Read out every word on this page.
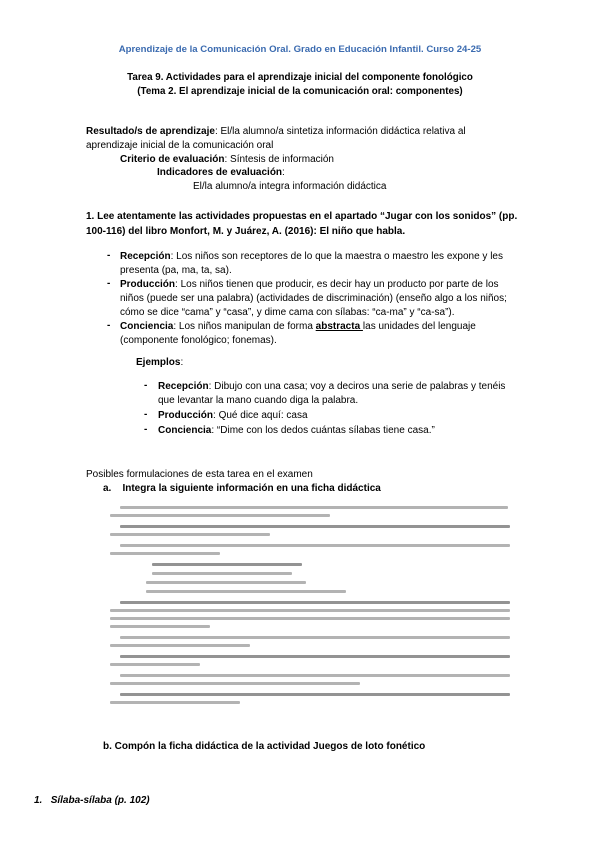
Aprendizaje de la Comunicación Oral. Grado en Educación Infantil. Curso 24-25
Tarea 9. Actividades para el aprendizaje inicial del componente fonológico
(Tema 2. El aprendizaje inicial de la comunicación oral: componentes)
Resultado/s de aprendizaje: El/la alumno/a sintetiza información didáctica relativa al
aprendizaje inicial de la comunicación oral
Criterio de evaluación: Síntesis de información
Indicadores de evaluación:
El/la alumno/a integra información didáctica
1. Lee atentamente las actividades propuestas en el apartado “Jugar con los sonidos” (pp.
100-116) del libro Monfort, M. y Juárez, A. (2016): El niño que habla.
- Recepción: Los niños son receptores de lo que la maestra o maestro les expone y les
presenta (pa, ma, ta, sa).
- Producción: Los niños tienen que producir, es decir hay un producto por parte de los
niños (puede ser una palabra) (actividades de discriminación) (enseño algo a los niños;
cómo se dice “cama” y “casa”, y dime cama con sílabas: “ca-ma” y “ca-sa”).
- Conciencia: Los niños manipulan de forma abstracta las unidades del lenguaje
(componente fonológico; fonemas).
Ejemplos:
- Recepción: Dibujo con una casa; voy a deciros una serie de palabras y tenéis
que levantar la mano cuando diga la palabra.
- Producción: Qué dice aquí: casa
- Conciencia: “Dime con los dedos cuántas sílabas tiene casa.”
Posibles formulaciones de esta tarea en el examen
a.    Integra la siguiente información en una ficha didáctica
b. Compón la ficha didáctica de la actividad Juegos de loto fonético
1. Sílaba-sílaba (p. 102)
